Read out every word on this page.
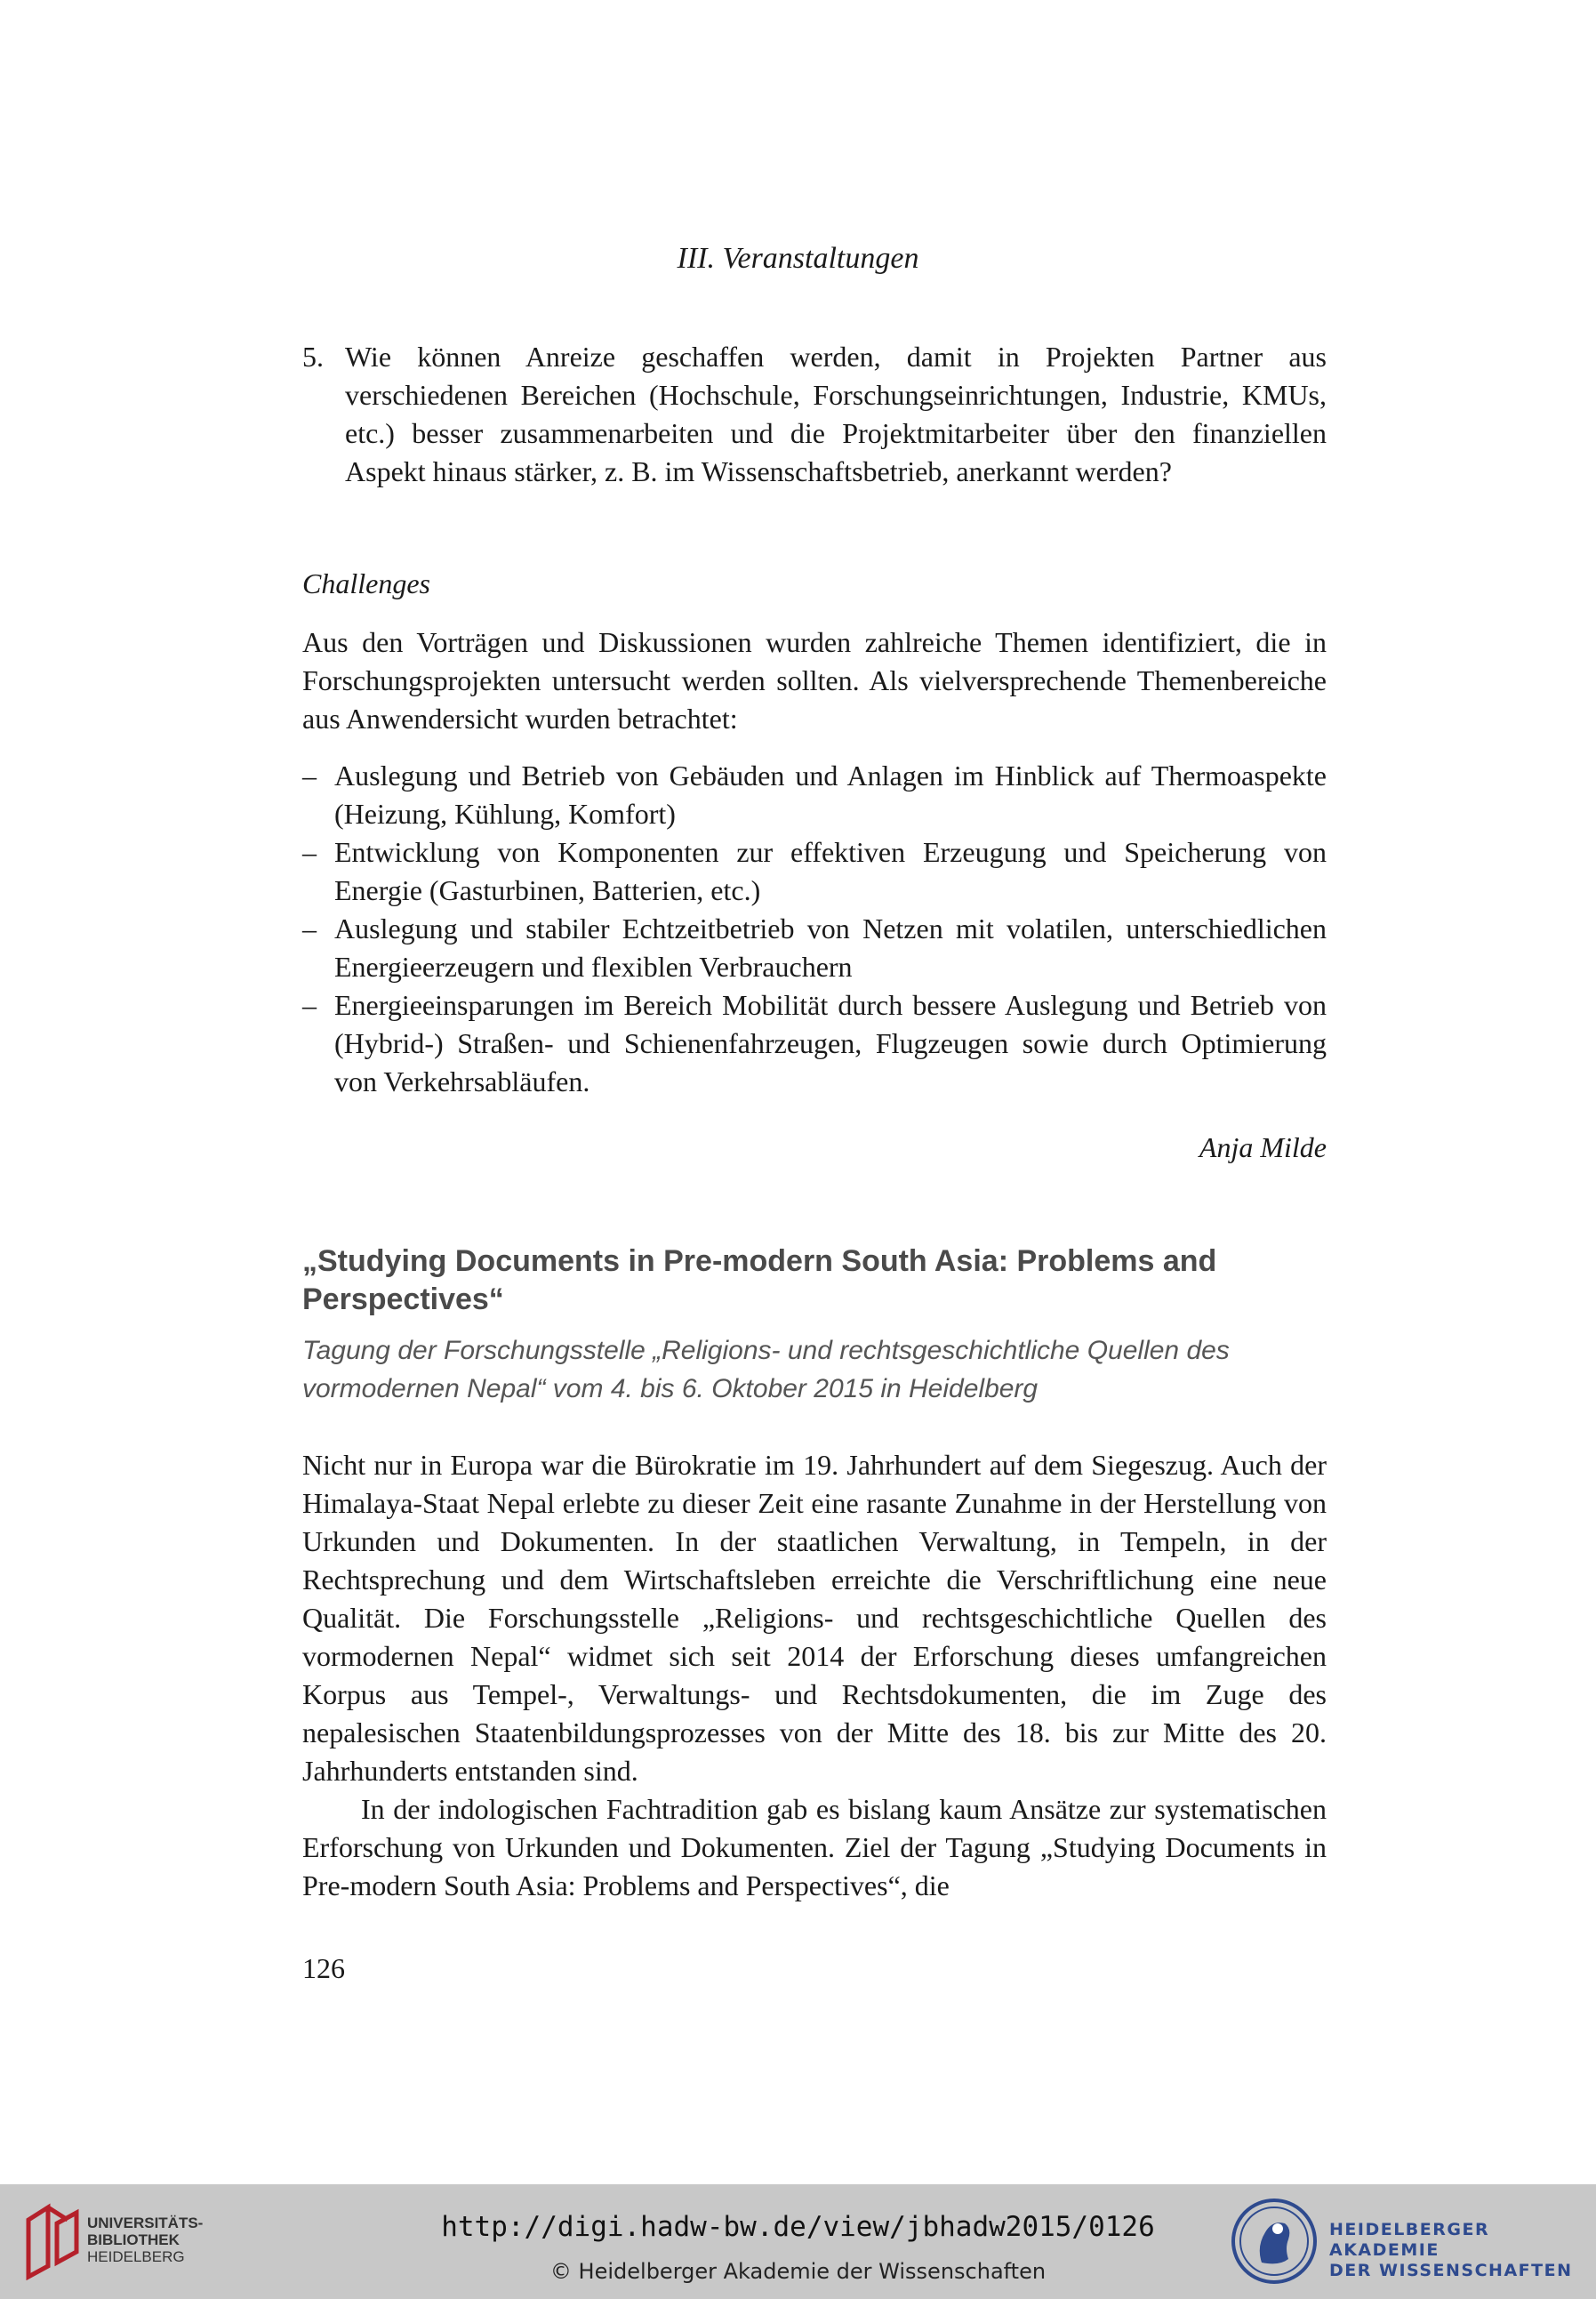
III. Veranstaltungen
5. Wie können Anreize geschaffen werden, damit in Projekten Partner aus verschiedenen Bereichen (Hochschule, Forschungseinrichtungen, Industrie, KMUs, etc.) besser zusammenarbeiten und die Projektmitarbeiter über den finanziellen Aspekt hinaus stärker, z. B. im Wissenschaftsbetrieb, anerkannt werden?
Challenges
Aus den Vorträgen und Diskussionen wurden zahlreiche Themen identifiziert, die in Forschungsprojekten untersucht werden sollten. Als vielversprechende Themenbereiche aus Anwendersicht wurden betrachtet:
– Auslegung und Betrieb von Gebäuden und Anlagen im Hinblick auf Thermoaspekte (Heizung, Kühlung, Komfort)
– Entwicklung von Komponenten zur effektiven Erzeugung und Speicherung von Energie (Gasturbinen, Batterien, etc.)
– Auslegung und stabiler Echtzeitbetrieb von Netzen mit volatilen, unterschiedlichen Energieerzeugern und flexiblen Verbrauchern
– Energieeinsparungen im Bereich Mobilität durch bessere Auslegung und Betrieb von (Hybrid-) Straßen- und Schienenfahrzeugen, Flugzeugen sowie durch Optimierung von Verkehrsabläufen.
Anja Milde
„Studying Documents in Pre-modern South Asia: Problems and Perspectives“
Tagung der Forschungsstelle „Religions- und rechtsgeschichtliche Quellen des vormodernen Nepal“ vom 4. bis 6. Oktober 2015 in Heidelberg
Nicht nur in Europa war die Bürokratie im 19. Jahrhundert auf dem Siegeszug. Auch der Himalaya-Staat Nepal erlebte zu dieser Zeit eine rasante Zunahme in der Herstellung von Urkunden und Dokumenten. In der staatlichen Verwaltung, in Tempeln, in der Rechtsprechung und dem Wirtschaftsleben erreichte die Verschriftlichung eine neue Qualität. Die Forschungsstelle „Religions- und rechtsgeschichtliche Quellen des vormodernen Nepal“ widmet sich seit 2014 der Erforschung dieses umfangreichen Korpus aus Tempel-, Verwaltungs- und Rechtsdokumenten, die im Zuge des nepalesischen Staatenbildungsprozesses von der Mitte des 18. bis zur Mitte des 20. Jahrhunderts entstanden sind.
In der indologischen Fachtradition gab es bislang kaum Ansätze zur systematischen Erforschung von Urkunden und Dokumenten. Ziel der Tagung „Studying Documents in Pre-modern South Asia: Problems and Perspectives“, die
126
UNIVERSITÄTS-
BIBLIOTHEK
HEIDELBERG
http://digi.hadw-bw.de/view/jbhadw2015/0126
© Heidelberger Akademie der Wissenschaften
HEIDELBERGER AKADEMIE
DER WISSENSCHAFTEN
